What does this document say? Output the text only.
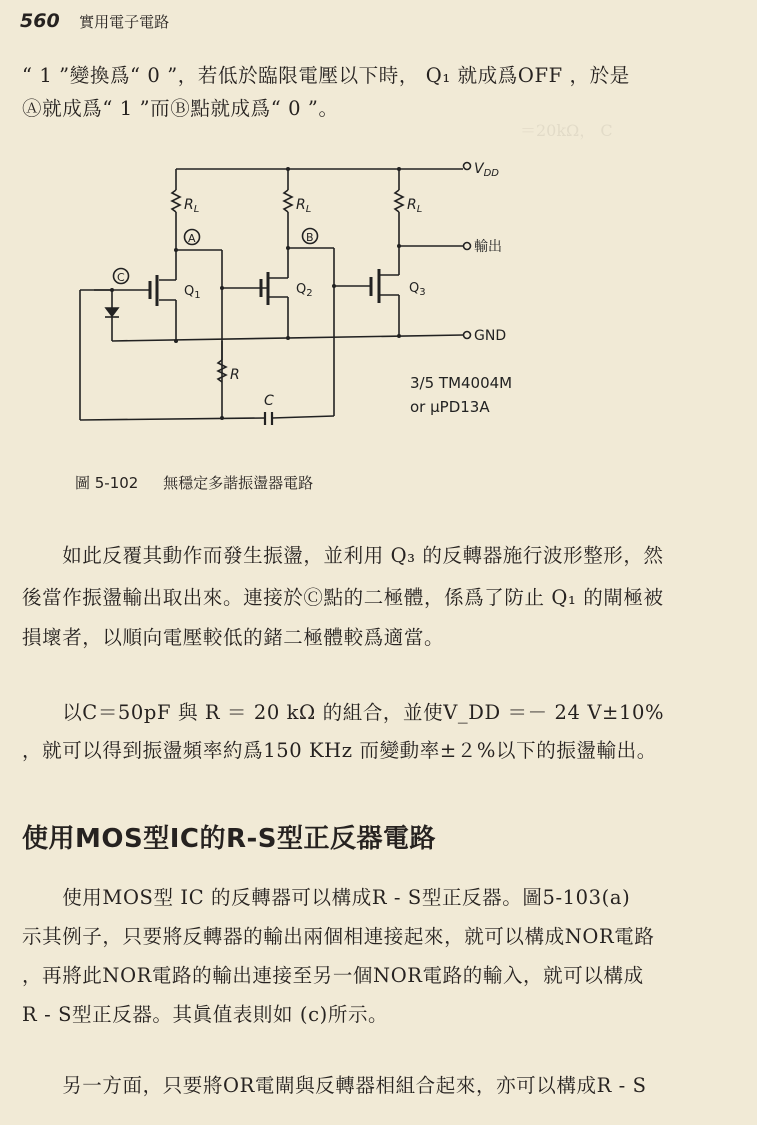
＝20kΩ， C
560 實用電子電路
“ 1 ”變換爲“ 0 ”，若低於臨限電壓以下時， Q₁ 就成爲OFF ，於是
Ⓐ就成爲“ 1 ”而Ⓑ點就成爲“ 0 ”。
$V_{DD}$
輸出
GND
$R_L$	$R_L$	$R_L$
R
C
$Q_1$	$Q_2$	$Q_3$
A	B
C
3/5 TM4004M
or μPD13A
圖 5-102 無穩定多諧振盪器電路
　　如此反覆其動作而發生振盪，並利用 Q₃ 的反轉器施行波形整形，然
後當作振盪輸出取出來。連接於Ⓒ點的二極體，係爲了防止 Q₁ 的閘極被
損壞者，以順向電壓較低的鍺二極體較爲適當。
　　以C＝50pF 與 R ＝ 20 kΩ 的組合，並使V_DD ＝－ 24 V±10%
，就可以得到振盪頻率約爲150 KHz 而變動率±２%以下的振盪輸出。
使用MOS型IC的R-S型正反器電路
　　使用MOS型 IC 的反轉器可以構成R - S型正反器。圖5-103(a)
示其例子，只要將反轉器的輸出兩個相連接起來，就可以構成NOR電路
，再將此NOR電路的輸出連接至另一個NOR電路的輸入，就可以構成
R - S型正反器。其眞值表則如 (c)所示。
　　另一方面，只要將OR電閘與反轉器相組合起來，亦可以構成R - S
